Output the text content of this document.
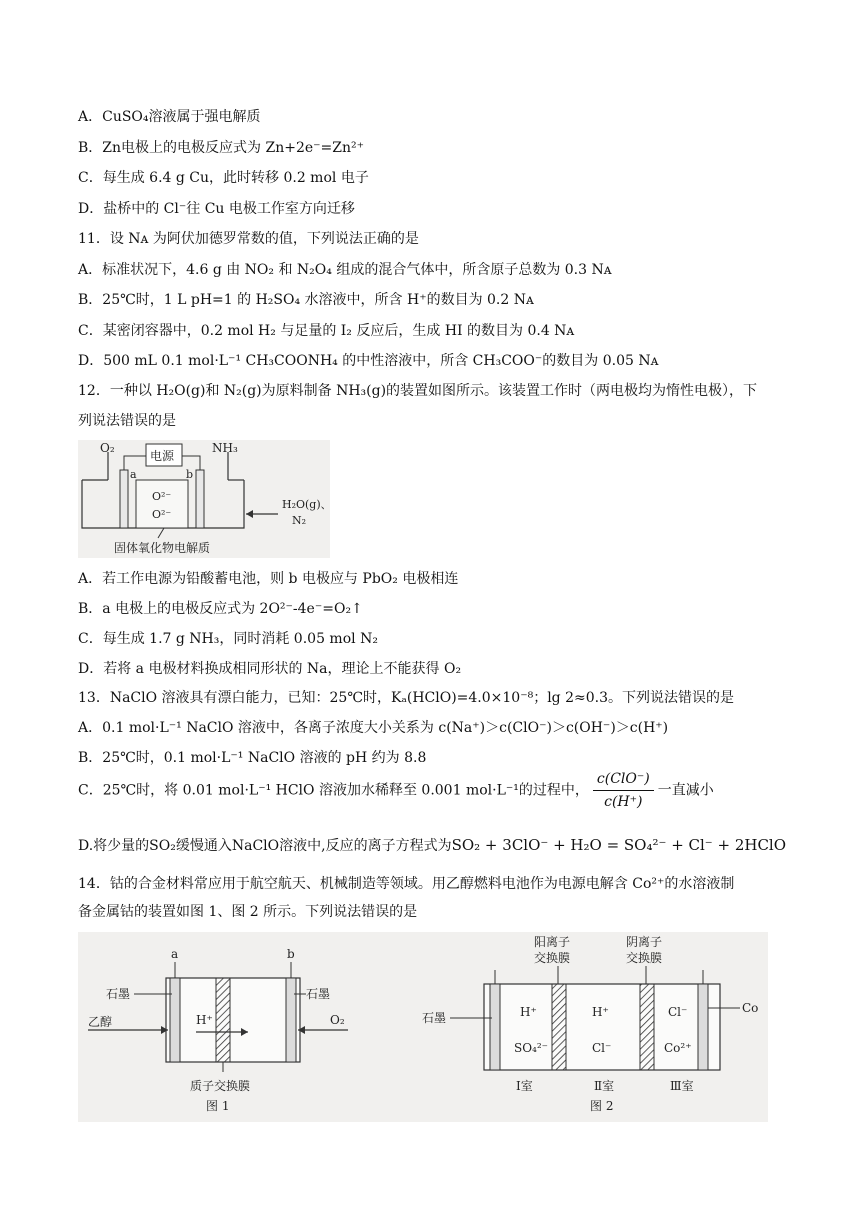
A．CuSO₄溶液属于强电解质
B．Zn电极上的电极反应式为 Zn+2e⁻=Zn²⁺
C．每生成 6.4 g Cu，此时转移 0.2 mol 电子
D．盐桥中的 Cl⁻往 Cu 电极工作室方向迁移
11．设 Nᴀ 为阿伏加德罗常数的值，下列说法正确的是
A．标准状况下，4.6 g 由 NO₂ 和 N₂O₄ 组成的混合气体中，所含原子总数为 0.3 Nᴀ
B．25℃时，1 L pH=1 的 H₂SO₄ 水溶液中，所含 H⁺的数目为 0.2 Nᴀ
C．某密闭容器中，0.2 mol H₂ 与足量的 I₂ 反应后，生成 HI 的数目为 0.4 Nᴀ
D．500 mL 0.1 mol·L⁻¹ CH₃COONH₄ 的中性溶液中，所含 CH₃COO⁻的数目为 0.05 Nᴀ
12．一种以 H₂O(g)和 N₂(g)为原料制备 NH₃(g)的装置如图所示。该装置工作时（两电极均为惰性电极），下
列说法错误的是
O₂	NH₃
a	b
电源
O²⁻
O²⁻
H₂O(g)、
N₂
固体氧化物电解质
A．若工作电源为铅酸蓄电池，则 b 电极应与 PbO₂ 电极相连
B．a 电极上的电极反应式为 2O²⁻-4e⁻=O₂↑
C．每生成 1.7 g NH₃，同时消耗 0.05 mol N₂
D．若将 a 电极材料换成相同形状的 Na，理论上不能获得 O₂
13．NaClO 溶液具有漂白能力，已知：25℃时，Kₐ(HClO)=4.0×10⁻⁸；lg 2≈0.3。下列说法错误的是
A．0.1 mol·L⁻¹ NaClO 溶液中，各离子浓度大小关系为 c(Na⁺)＞c(ClO⁻)＞c(OH⁻)＞c(H⁺)
B．25℃时，0.1 mol·L⁻¹ NaClO 溶液的 pH 约为 8.8
C．25℃时，将 0.01 mol·L⁻¹ HClO 溶液加水稀释至 0.001 mol·L⁻¹的过程中， $\frac{\text{c(ClO⁻)}}{c(H^+)}$ 一直减小
D.将少量的SO₂缓慢通入NaClO溶液中,反应的离子方程式为SO₂ + 3ClO⁻ + H₂O = SO₄²⁻ + Cl⁻ + 2HClO
14．钴的合金材料常应用于航空航天、机械制造等领域。用乙醇燃料电池作为电源电解含 Co²⁺的水溶液制
备金属钴的装置如图 1、图 2 所示。下列说法错误的是
a	b
石墨	石墨
乙醇	H⁺	O₂
质子交换膜
图 1
阳离子
交换膜
阴离子
交换膜
石墨
Co
H⁺
SO₄²⁻
H⁺
Cl⁻
Cl⁻
Co²⁺
Ⅰ室	Ⅱ室	Ⅲ室
图 2
